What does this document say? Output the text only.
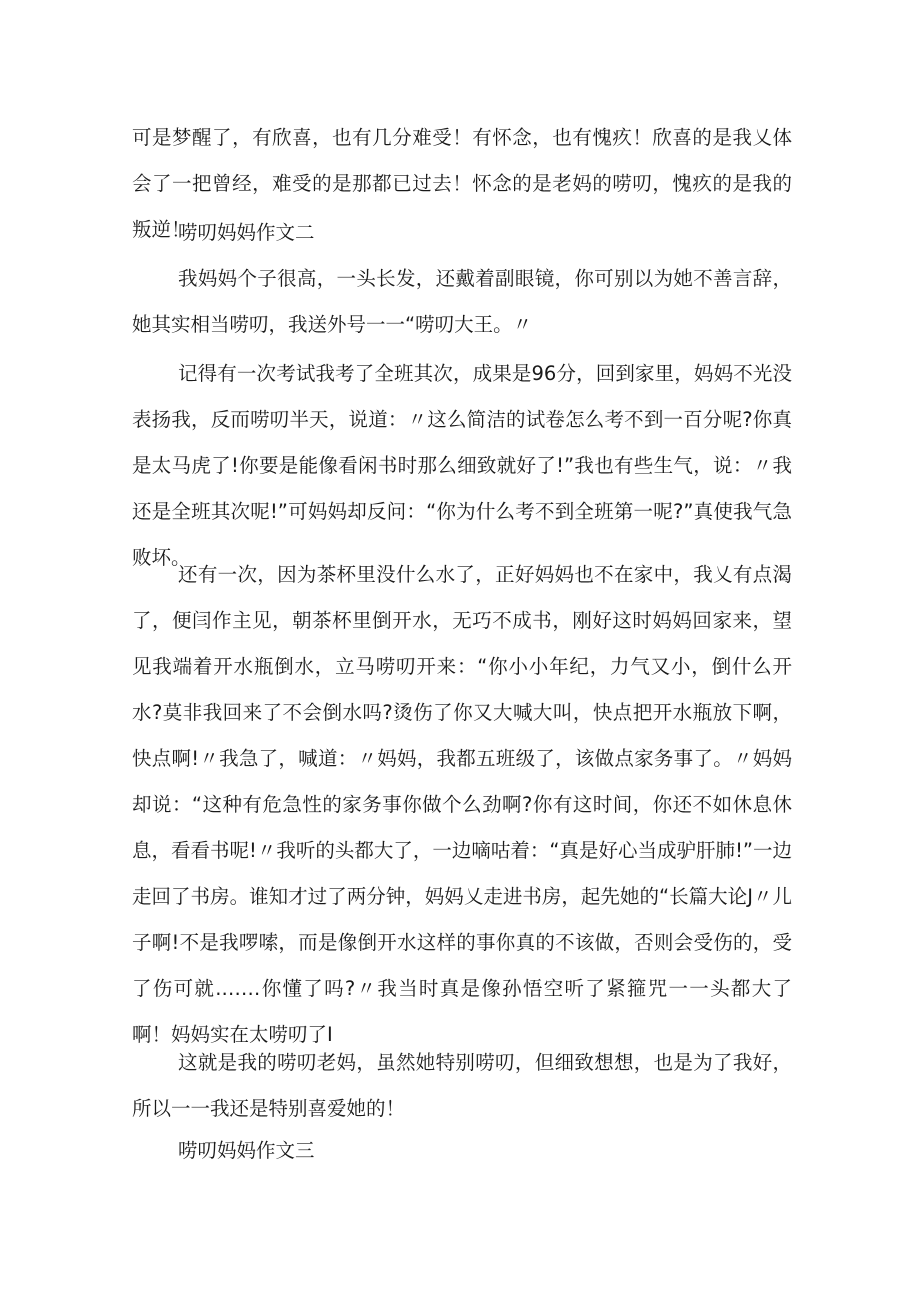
可是梦醒了，有欣喜，也有几分难受！有怀念，也有愧疚！欣喜的是我乂体会了一把曾经，难受的是那都已过去！怀念的是老妈的唠叨，愧疚的是我的叛逆！

唠叨妈妈作文二

我妈妈个子很高，一头长发，还戴着副眼镜，你可别以为她不善言辞，她其实相当唠叨，我送外号一一“唠叨大王。〃

记得有一次考试我考了全班其次，成果是96分，回到家里，妈妈不光没表扬我，反而唠叨半天，说道：〃这么简洁的试卷怎么考不到一百分呢?你真是太马虎了!你要是能像看闲书时那么细致就好了!”我也有些生气，说：〃我还是全班其次呢!”可妈妈却反问：“你为什么考不到全班第一呢?”真使我气急败坏。

还有一次，因为茶杯里没什么水了，正好妈妈也不在家中，我乂有点渴了，便闫作主见，朝茶杯里倒开水，无巧不成书，刚好这时妈妈回家来，望见我端着开水瓶倒水，立马唠叨开来：“你小小年纪，力气又小，倒什么开水?莫非我回来了不会倒水吗?烫伤了你又大喊大叫，快点把开水瓶放下啊，快点啊!〃我急了，喊道：〃妈妈，我都五班级了，该做点家务事了。〃妈妈却说：“这种有危急性的家务事你做个么劲啊?你有这时间，你还不如休息休息，看看书呢!〃我听的头都大了，一边嘀咕着：“真是好心当成驴肝肺!”一边走回了书房。谁知才过了两分钟，妈妈乂走进书房，起先她的“长篇大论J〃儿子啊!不是我啰嗦，而是像倒开水这样的事你真的不该做，否则会受伤的，受了伤可就.……你懂了吗?〃我当时真是像孙悟空听了紧箍咒一一头都大了啊！妈妈实在太唠叨了I

这就是我的唠叨老妈，虽然她特别唠叨，但细致想想，也是为了我好，所以一一我还是特别喜爱她的！

唠叨妈妈作文三
